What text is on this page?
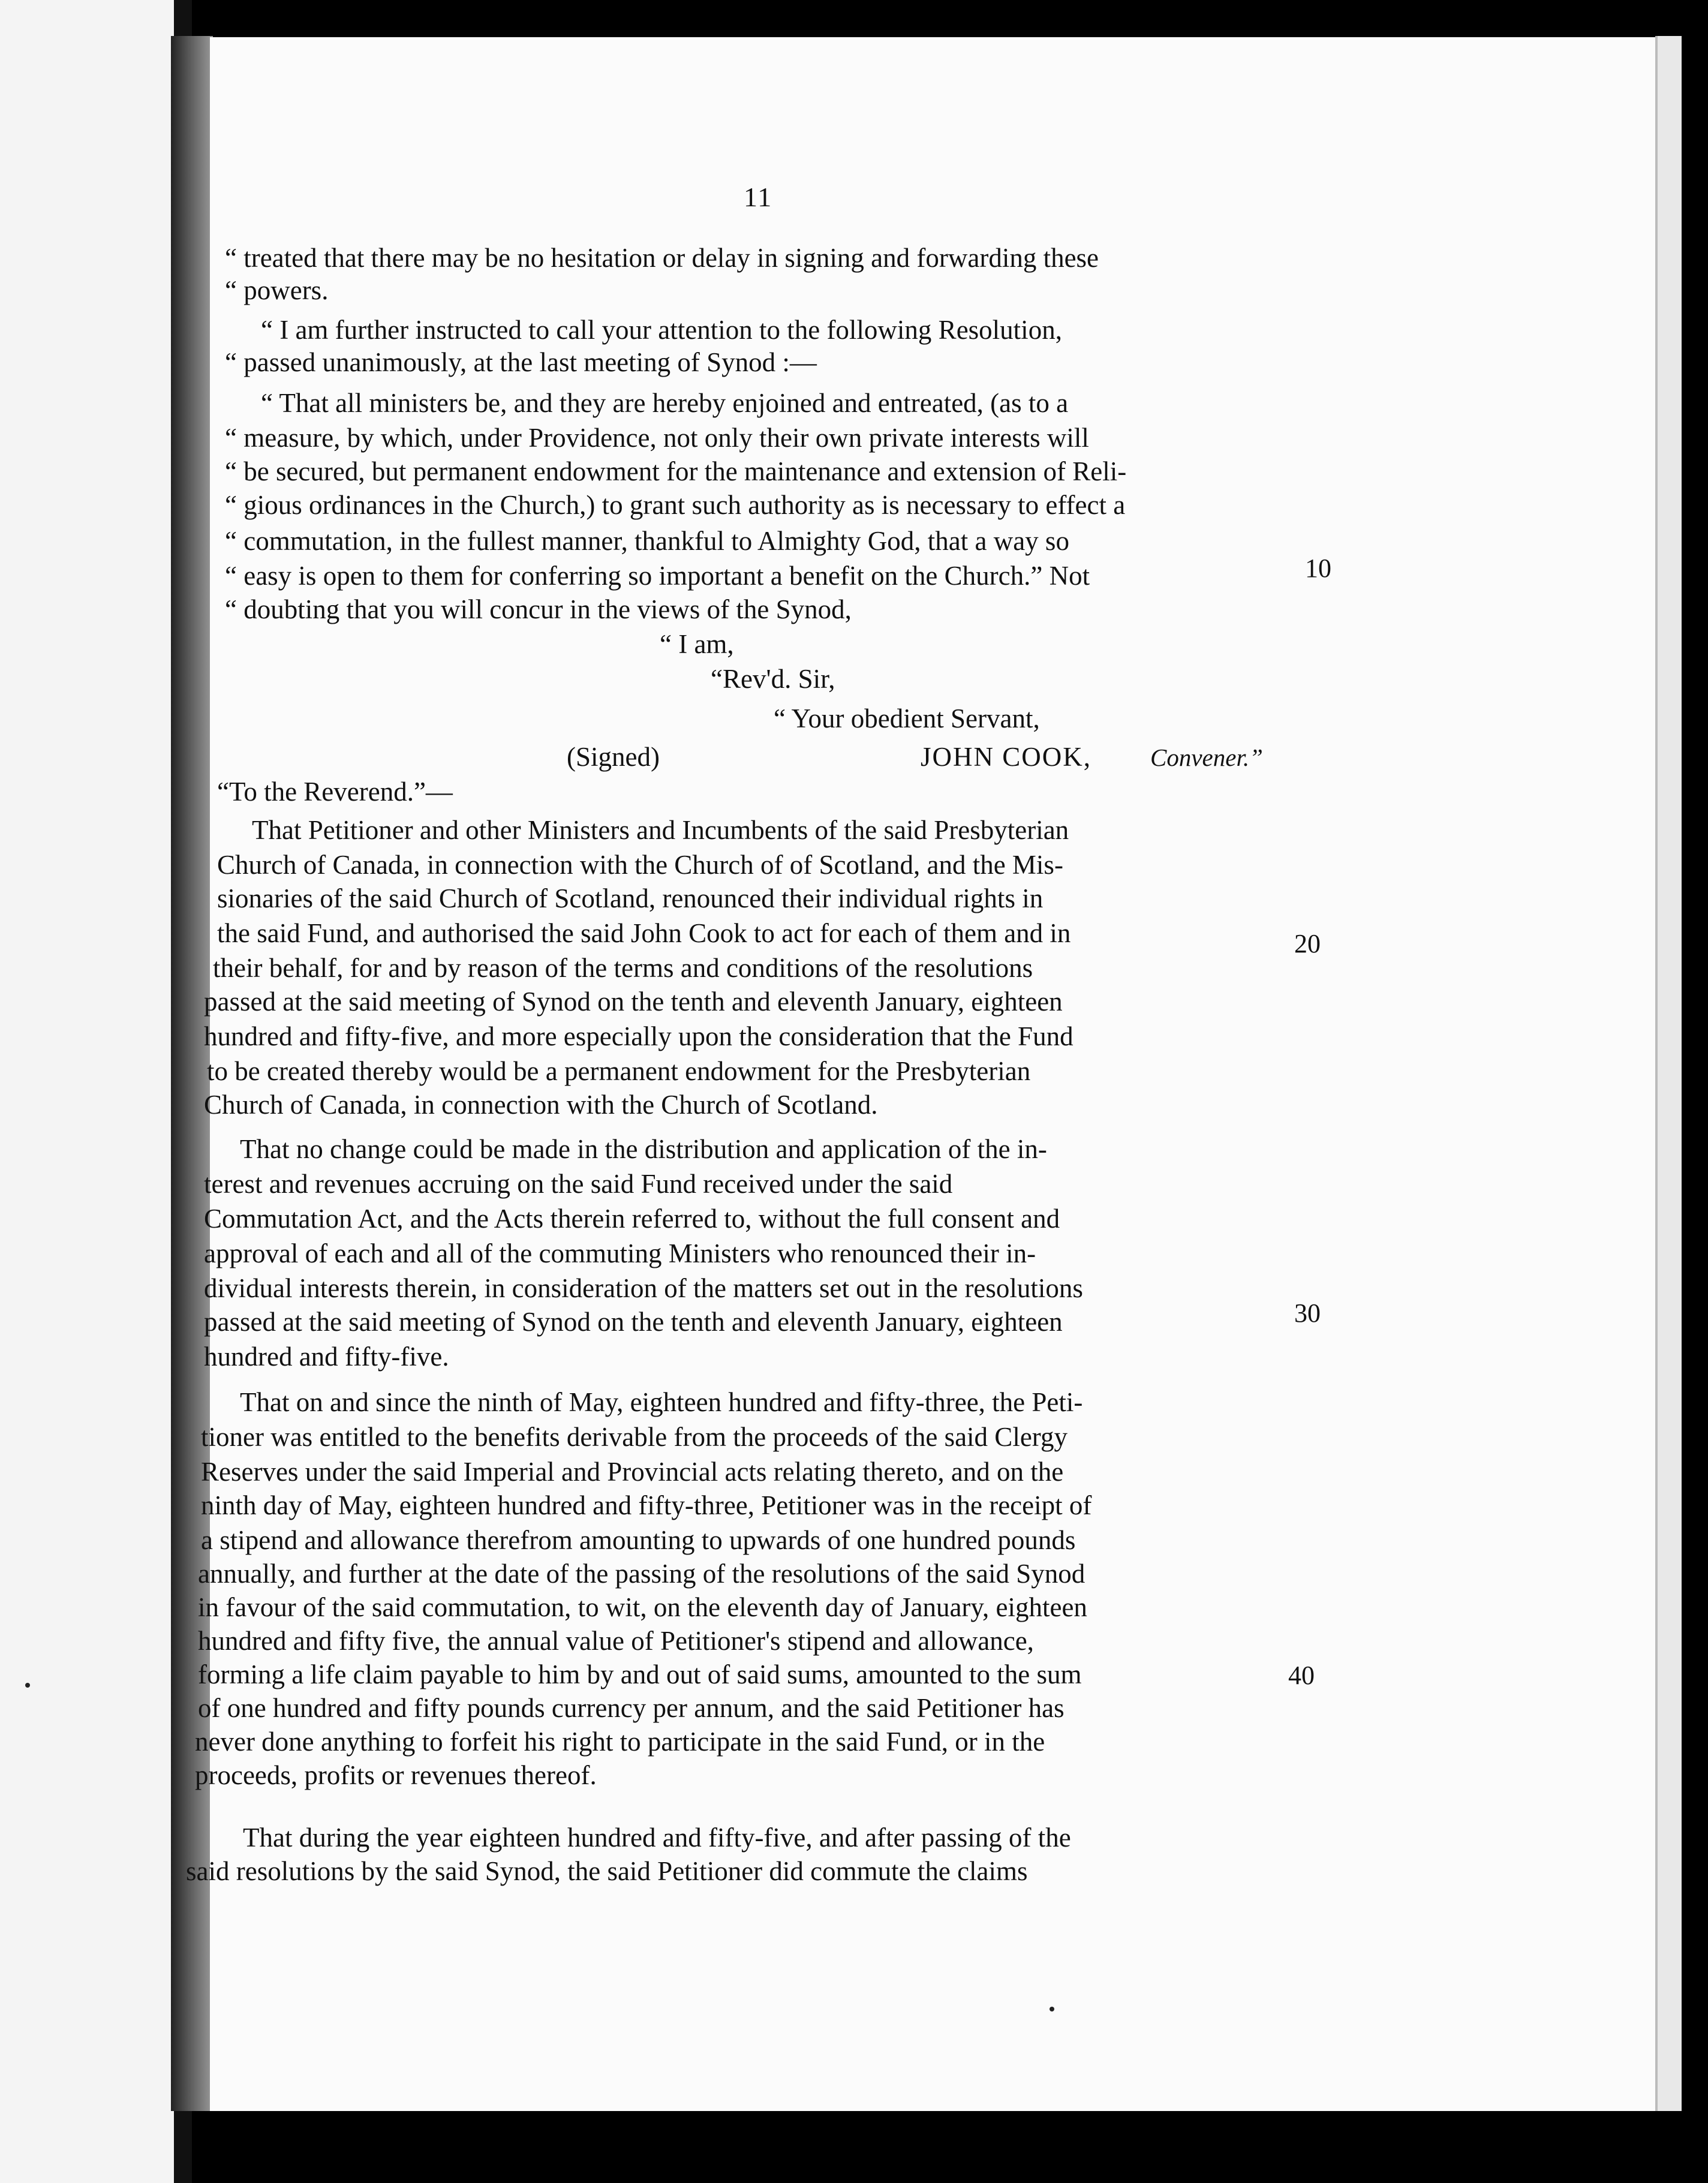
11
“ treated that there may be no hesitation or delay in signing and forwarding these
“ powers.
“ I am further instructed to call your attention to the following Resolution,
“ passed unanimously, at the last meeting of Synod :—
“ That all ministers be, and they are hereby enjoined and entreated, (as to a
“ measure, by which, under Providence, not only their own private interests will
“ be secured, but permanent endowment for the maintenance and extension of Reli-
“ gious ordinances in the Church,) to grant such authority as is necessary to effect a
“ commutation, in the fullest manner, thankful to Almighty God, that a way so
“ easy is open to them for conferring so important a benefit on the Church.” Not	10
“ doubting that you will concur in the views of the Synod,
“ I am,
“Rev'd. Sir,
“ Your obedient Servant,
(Signed)	JOHN COOK, Convener.”
“To the Reverend.”—
That Petitioner and other Ministers and Incumbents of the said Presbyterian
Church of Canada, in connection with the Church of of Scotland, and the Mis-
sionaries of the said Church of Scotland, renounced their individual rights in
the said Fund, and authorised the said John Cook to act for each of them and in	20
their behalf, for and by reason of the terms and conditions of the resolutions
passed at the said meeting of Synod on the tenth and eleventh January, eighteen
hundred and fifty-five, and more especially upon the consideration that the Fund
to be created thereby would be a permanent endowment for the Presbyterian
Church of Canada, in connection with the Church of Scotland.
That no change could be made in the distribution and application of the in-
terest and revenues accruing on the said Fund received under the said
Commutation Act, and the Acts therein referred to, without the full consent and
approval of each and all of the commuting Ministers who renounced their in-
dividual interests therein, in consideration of the matters set out in the resolutions
30
passed at the said meeting of Synod on the tenth and eleventh January, eighteen
hundred and fifty-five.
That on and since the ninth of May, eighteen hundred and fifty-three, the Peti-
tioner was entitled to the benefits derivable from the proceeds of the said Clergy
Reserves under the said Imperial and Provincial acts relating thereto, and on the
ninth day of May, eighteen hundred and fifty-three, Petitioner was in the receipt of
a stipend and allowance therefrom amounting to upwards of one hundred pounds
annually, and further at the date of the passing of the resolutions of the said Synod
in favour of the said commutation, to wit, on the eleventh day of January, eighteen
hundred and fifty five, the annual value of Petitioner's stipend and allowance,
40
forming a life claim payable to him by and out of said sums, amounted to the sum
of one hundred and fifty pounds currency per annum, and the said Petitioner has
never done anything to forfeit his right to participate in the said Fund, or in the
proceeds, profits or revenues thereof.
That during the year eighteen hundred and fifty-five, and after passing of the
said resolutions by the said Synod, the said Petitioner did commute the claims
